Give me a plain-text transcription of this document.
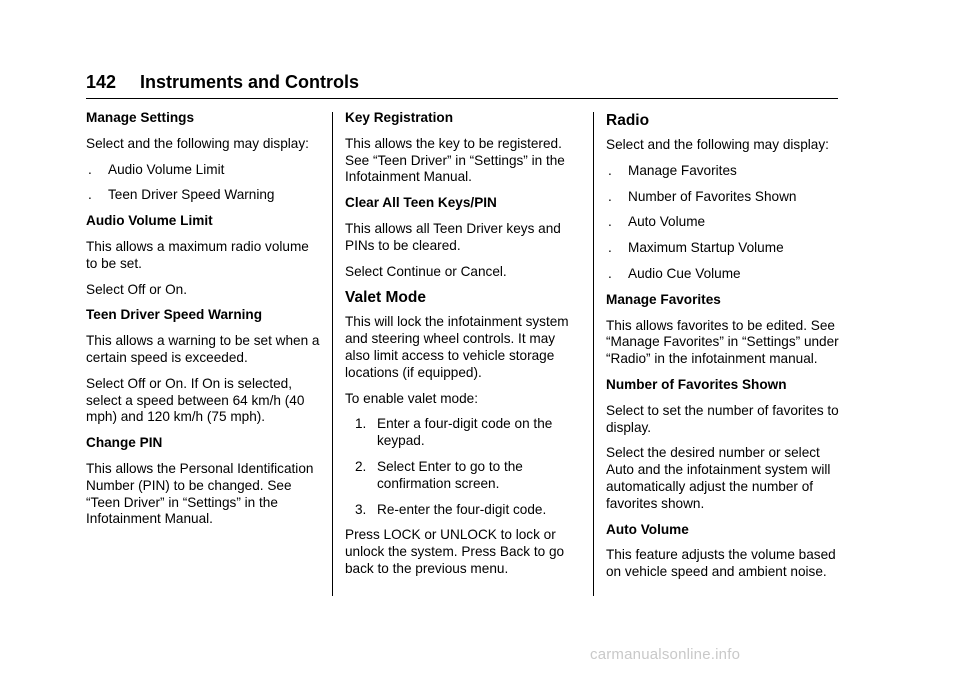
142 Instruments and Controls

Manage Settings

Select and the following may display:

. Audio Volume Limit
. Teen Driver Speed Warning

Audio Volume Limit

This allows a maximum radio volume to be set.

Select Off or On.

Teen Driver Speed Warning

This allows a warning to be set when a certain speed is exceeded.

Select Off or On. If On is selected, select a speed between 64 km/h (40 mph) and 120 km/h (75 mph).

Change PIN

This allows the Personal Identification Number (PIN) to be changed. See “Teen Driver” in “Settings” in the Infotainment Manual.

Key Registration

This allows the key to be registered. See “Teen Driver” in “Settings” in the Infotainment Manual.

Clear All Teen Keys/PIN

This allows all Teen Driver keys and PINs to be cleared.

Select Continue or Cancel.

Valet Mode

This will lock the infotainment system and steering wheel controls. It may also limit access to vehicle storage locations (if equipped).

To enable valet mode:

1. Enter a four-digit code on the keypad.
2. Select Enter to go to the confirmation screen.
3. Re-enter the four-digit code.

Press LOCK or UNLOCK to lock or unlock the system. Press Back to go back to the previous menu.

Radio

Select and the following may display:

. Manage Favorites
. Number of Favorites Shown
. Auto Volume
. Maximum Startup Volume
. Audio Cue Volume

Manage Favorites

This allows favorites to be edited. See “Manage Favorites” in “Settings” under “Radio” in the infotainment manual.

Number of Favorites Shown

Select to set the number of favorites to display.

Select the desired number or select Auto and the infotainment system will automatically adjust the number of favorites shown.

Auto Volume

This feature adjusts the volume based on vehicle speed and ambient noise.

carmanualsonline.info
